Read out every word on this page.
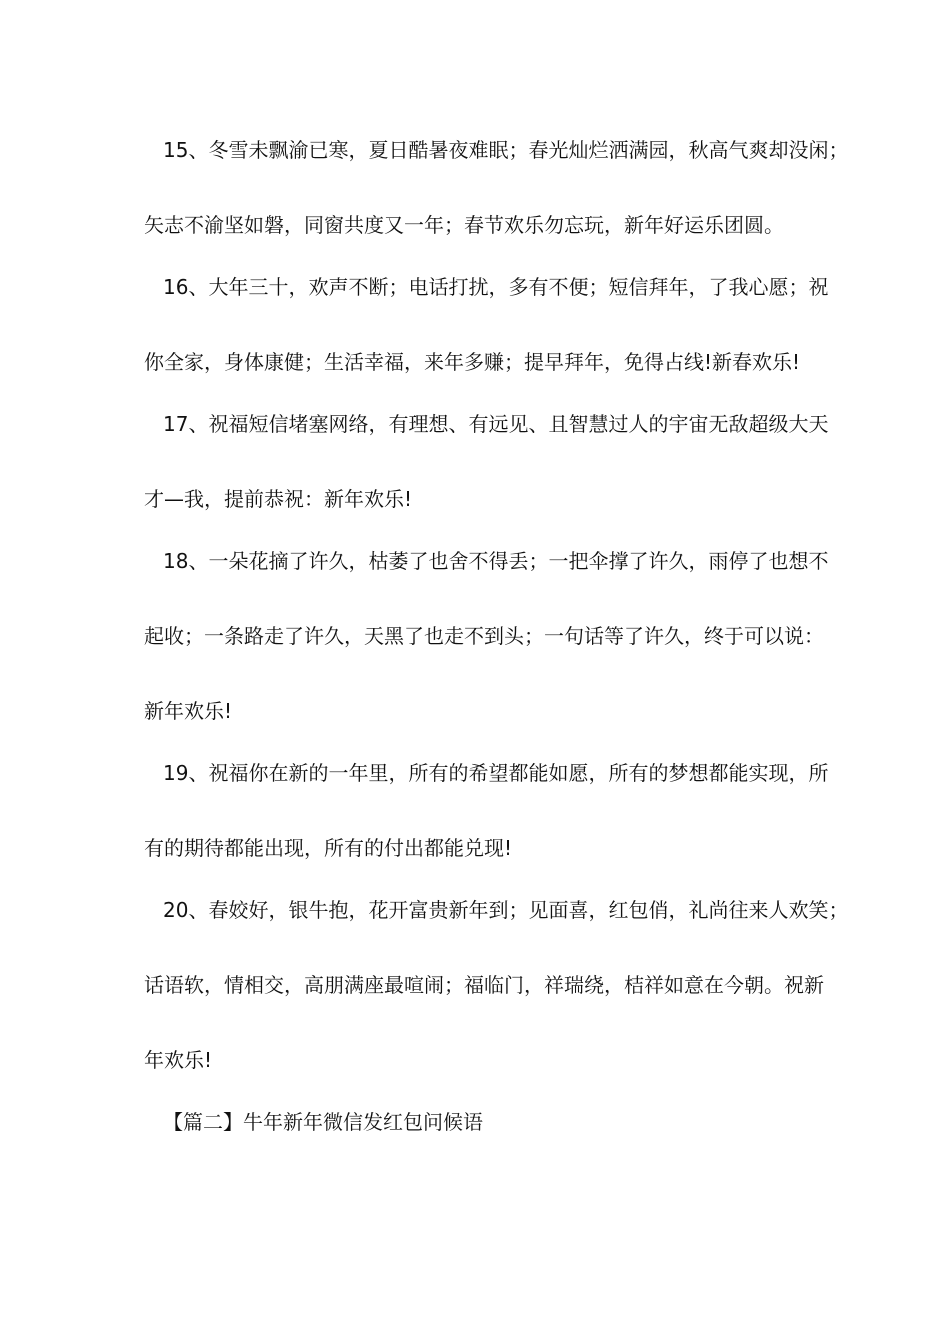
15、冬雪未飘渝已寒，夏日酷暑夜难眠；春光灿烂洒满园，秋高气爽却没闲；
矢志不渝坚如磐，同窗共度又一年；春节欢乐勿忘玩，新年好运乐团圆。
16、大年三十，欢声不断；电话打扰，多有不便；短信拜年，了我心愿；祝
你全家，身体康健；生活幸福，来年多赚；提早拜年，免得占线!新春欢乐!
17、祝福短信堵塞网络，有理想、有远见、且智慧过人的宇宙无敌超级大天
才—我，提前恭祝：新年欢乐!
18、一朵花摘了许久，枯萎了也舍不得丢；一把伞撑了许久，雨停了也想不
起收；一条路走了许久，天黑了也走不到头；一句话等了许久，终于可以说：
新年欢乐!
19、祝福你在新的一年里，所有的希望都能如愿，所有的梦想都能实现，所
有的期待都能出现，所有的付出都能兑现!
20、春姣好，银牛抱，花开富贵新年到；见面喜，红包俏，礼尚往来人欢笑；
话语软，情相交，高朋满座最喧闹；福临门，祥瑞绕，桔祥如意在今朝。祝新
年欢乐!
【篇二】牛年新年微信发红包问候语
